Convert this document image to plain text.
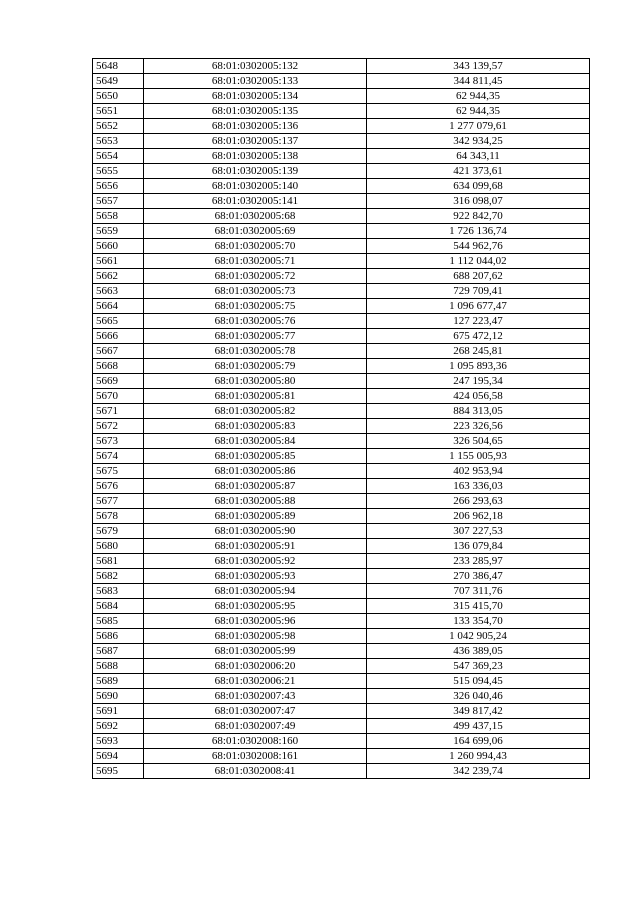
5648	68:01:0302005:132	343 139,57
5649	68:01:0302005:133	344 811,45
5650	68:01:0302005:134	62 944,35
5651	68:01:0302005:135	62 944,35
5652	68:01:0302005:136	1 277 079,61
5653	68:01:0302005:137	342 934,25
5654	68:01:0302005:138	64 343,11
5655	68:01:0302005:139	421 373,61
5656	68:01:0302005:140	634 099,68
5657	68:01:0302005:141	316 098,07
5658	68:01:0302005:68	922 842,70
5659	68:01:0302005:69	1 726 136,74
5660	68:01:0302005:70	544 962,76
5661	68:01:0302005:71	1 112 044,02
5662	68:01:0302005:72	688 207,62
5663	68:01:0302005:73	729 709,41
5664	68:01:0302005:75	1 096 677,47
5665	68:01:0302005:76	127 223,47
5666	68:01:0302005:77	675 472,12
5667	68:01:0302005:78	268 245,81
5668	68:01:0302005:79	1 095 893,36
5669	68:01:0302005:80	247 195,34
5670	68:01:0302005:81	424 056,58
5671	68:01:0302005:82	884 313,05
5672	68:01:0302005:83	223 326,56
5673	68:01:0302005:84	326 504,65
5674	68:01:0302005:85	1 155 005,93
5675	68:01:0302005:86	402 953,94
5676	68:01:0302005:87	163 336,03
5677	68:01:0302005:88	266 293,63
5678	68:01:0302005:89	206 962,18
5679	68:01:0302005:90	307 227,53
5680	68:01:0302005:91	136 079,84
5681	68:01:0302005:92	233 285,97
5682	68:01:0302005:93	270 386,47
5683	68:01:0302005:94	707 311,76
5684	68:01:0302005:95	315 415,70
5685	68:01:0302005:96	133 354,70
5686	68:01:0302005:98	1 042 905,24
5687	68:01:0302005:99	436 389,05
5688	68:01:0302006:20	547 369,23
5689	68:01:0302006:21	515 094,45
5690	68:01:0302007:43	326 040,46
5691	68:01:0302007:47	349 817,42
5692	68:01:0302007:49	499 437,15
5693	68:01:0302008:160	164 699,06
5694	68:01:0302008:161	1 260 994,43
5695	68:01:0302008:41	342 239,74
